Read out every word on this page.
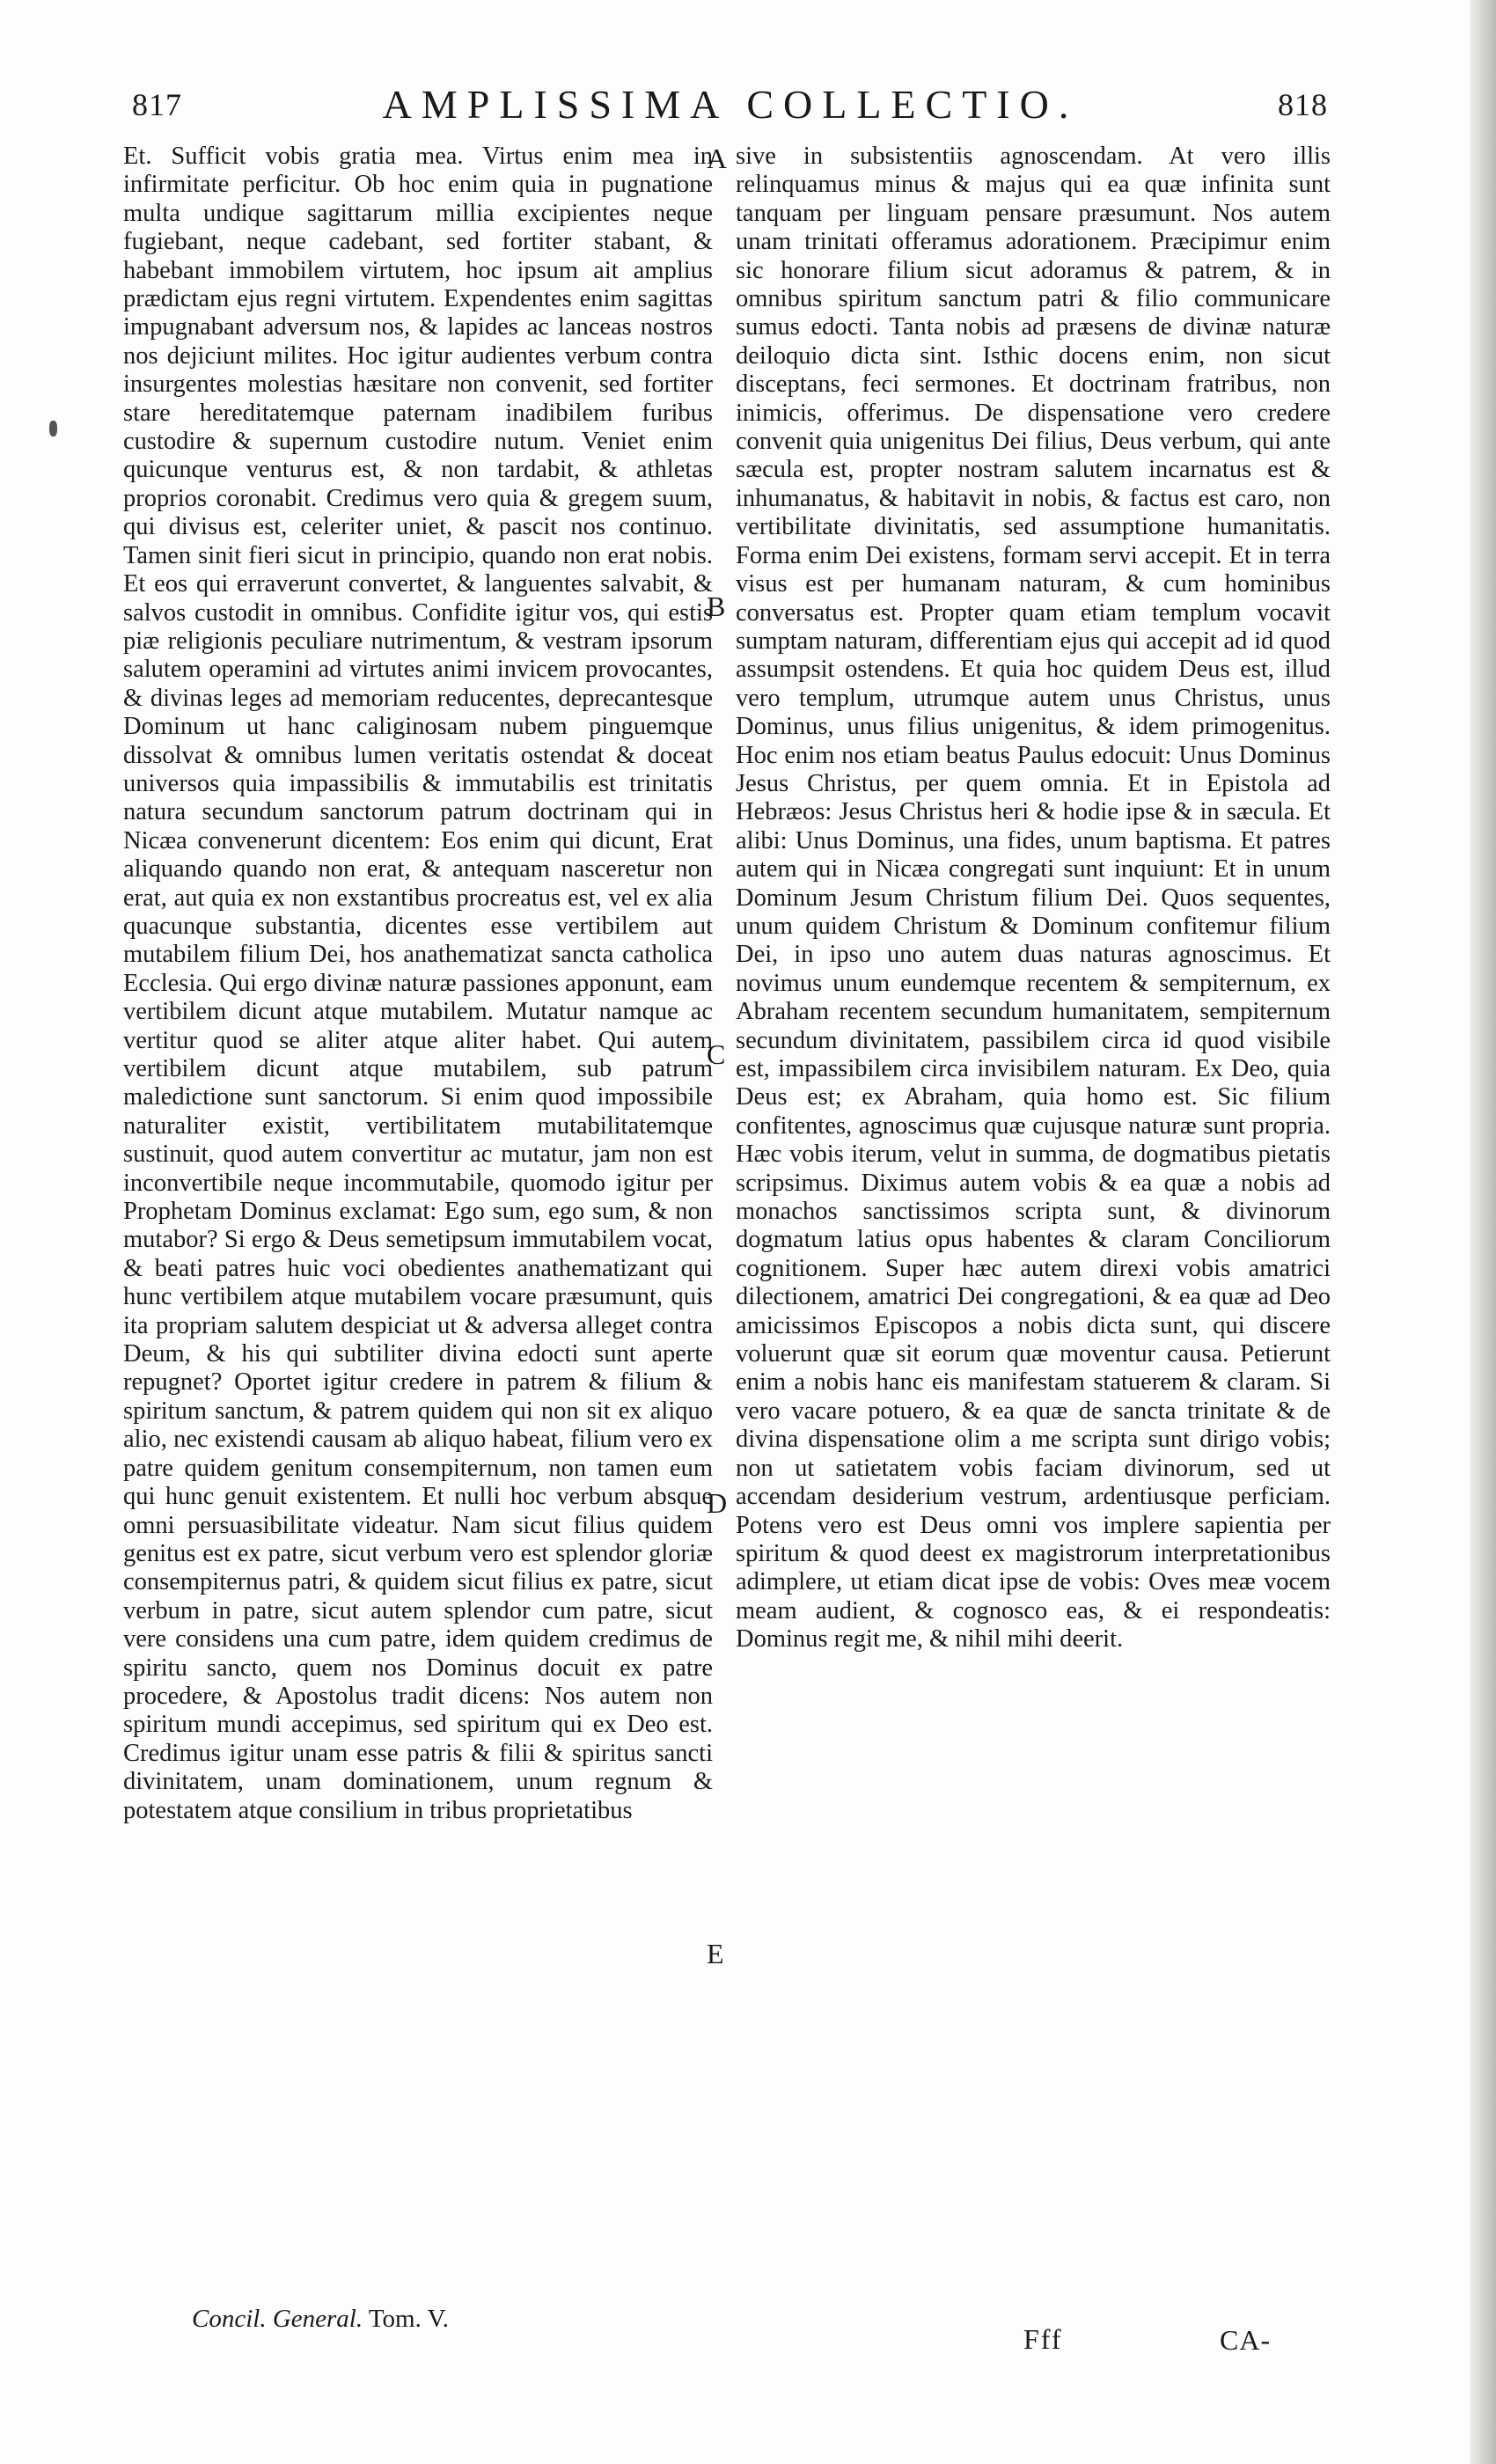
817	AMPLISSIMA COLLECTIO.	818

Et. Sufficit vobis gratia mea. Virtus enim mea in infirmitate perficitur. Ob hoc enim quia in pugnatione multa undique sagittarum millia excipientes neque fugiebant, neque cadebant, sed fortiter stabant, & habebant immobilem virtutem, hoc ipsum ait amplius prædictam ejus regni virtutem. Expendentes enim sagittas impugnabant adversum nos, & lapides ac lanceas nostros nos dejiciunt milites. Hoc igitur audientes verbum contra insurgentes molestias hæsitare non convenit, sed fortiter stare hereditatemque paternam inadibilem furibus custodire & supernum custodire nutum. Veniet enim quicunque venturus est, & non tardabit, & athletas proprios coronabit. Credimus vero quia & gregem suum, qui divisus est, celeriter uniet, & pascit nos continuo. Tamen sinit fieri sicut in principio, quando non erat nobis. Et eos qui erraverunt convertet, & languentes salvabit, & salvos custodit in omnibus. Confidite igitur vos, qui estis piæ religionis peculiare nutrimentum, & vestram ipsorum salutem operamini ad virtutes animi invicem provocantes, & divinas leges ad memoriam reducentes, deprecantesque Dominum ut hanc caliginosam nubem pinguemque dissolvat & omnibus lumen veritatis ostendat & doceat universos quia impassibilis & immutabilis est trinitatis natura secundum sanctorum patrum doctrinam qui in Nicæa convenerunt dicentem: Eos enim qui dicunt, Erat aliquando quando non erat, & antequam nasceretur non erat, aut quia ex non exstantibus procreatus est, vel ex alia quacunque substantia, dicentes esse vertibilem aut mutabilem filium Dei, hos anathematizat sancta catholica Ecclesia. Qui ergo divinæ naturæ passiones apponunt, eam vertibilem dicunt atque mutabilem. Mutatur namque ac vertitur quod se aliter atque aliter habet. Qui autem vertibilem dicunt atque mutabilem, sub patrum maledictione sunt sanctorum. Si enim quod impossibile naturaliter existit, vertibilitatem mutabilitatemque sustinuit, quod autem convertitur ac mutatur, jam non est inconvertibile neque incommutabile, quomodo igitur per Prophetam Dominus exclamat: Ego sum, ego sum, & non mutabor? Si ergo & Deus semetipsum immutabilem vocat, & beati patres huic voci obedientes anathematizant qui hunc vertibilem atque mutabilem vocare præsumunt, quis ita propriam salutem despiciat ut & adversa alleget contra Deum, & his qui subtiliter divina edocti sunt aperte repugnet? Oportet igitur credere in patrem & filium & spiritum sanctum, & patrem quidem qui non sit ex aliquo alio, nec existendi causam ab aliquo habeat, filium vero ex patre quidem genitum consempiternum, non tamen eum qui hunc genuit existentem. Et nulli hoc verbum absque omni persuasibilitate videatur. Nam sicut filius quidem genitus est ex patre, sicut verbum vero est splendor gloriæ consempiternus patri, & quidem sicut filius ex patre, sicut verbum in patre, sicut autem splendor cum patre, sicut vere considens una cum patre, idem quidem credimus de spiritu sancto, quem nos Dominus docuit ex patre procedere, & Apostolus tradit dicens: Nos autem non spiritum mundi accepimus, sed spiritum qui ex Deo est. Credimus igitur unam esse patris & filii & spiritus sancti divinitatem, unam dominationem, unum regnum & potestatem atque consilium in tribus proprietatibus

A
B
C
D
E

sive in subsistentiis agnoscendam. At vero illis relinquamus minus & majus qui ea quæ infinita sunt tanquam per linguam pensare præsumunt. Nos autem unam trinitati offeramus adorationem. Præcipimur enim sic honorare filium sicut adoramus & patrem, & in omnibus spiritum sanctum patri & filio communicare sumus edocti. Tanta nobis ad præsens de divinæ naturæ deiloquio dicta sint. Isthic docens enim, non sicut disceptans, feci sermones. Et doctrinam fratribus, non inimicis, offerimus. De dispensatione vero credere convenit quia unigenitus Dei filius, Deus verbum, qui ante sæcula est, propter nostram salutem incarnatus est & inhumanatus, & habitavit in nobis, & factus est caro, non vertibilitate divinitatis, sed assumptione humanitatis. Forma enim Dei existens, formam servi accepit. Et in terra visus est per humanam naturam, & cum hominibus conversatus est. Propter quam etiam templum vocavit sumptam naturam, differentiam ejus qui accepit ad id quod assumpsit ostendens. Et quia hoc quidem Deus est, illud vero templum, utrumque autem unus Christus, unus Dominus, unus filius unigenitus, & idem primogenitus. Hoc enim nos etiam beatus Paulus edocuit: Unus Dominus Jesus Christus, per quem omnia. Et in Epistola ad Hebræos: Jesus Christus heri & hodie ipse & in sæcula. Et alibi: Unus Dominus, una fides, unum baptisma. Et patres autem qui in Nicæa congregati sunt inquiunt: Et in unum Dominum Jesum Christum filium Dei. Quos sequentes, unum quidem Christum & Dominum confitemur filium Dei, in ipso uno autem duas naturas agnoscimus. Et novimus unum eundemque recentem & sempiternum, ex Abraham recentem secundum humanitatem, sempiternum secundum divinitatem, passibilem circa id quod visibile est, impassibilem circa invisibilem naturam. Ex Deo, quia Deus est; ex Abraham, quia homo est. Sic filium confitentes, agnoscimus quæ cujusque naturæ sunt propria. Hæc vobis iterum, velut in summa, de dogmatibus pietatis scripsimus. Diximus autem vobis & ea quæ a nobis ad monachos sanctissimos scripta sunt, & divinorum dogmatum latius opus habentes & claram Conciliorum cognitionem. Super hæc autem direxi vobis amatrici dilectionem, amatrici Dei congregationi, & ea quæ ad Deo amicissimos Episcopos a nobis dicta sunt, qui discere voluerunt quæ sit eorum quæ moventur causa. Petierunt enim a nobis hanc eis manifestam statuerem & claram. Si vero vacare potuero, & ea quæ de sancta trinitate & de divina dispensatione olim a me scripta sunt dirigo vobis; non ut satietatem vobis faciam divinorum, sed ut accendam desiderium vestrum, ardentiusque perficiam. Potens vero est Deus omni vos implere sapientia per spiritum & quod deest ex magistrorum interpretationibus adimplere, ut etiam dicat ipse de vobis: Oves meæ vocem meam audient, & cognosco eas, & ei respondeatis: Dominus regit me, & nihil mihi deerit.

Concil. General. Tom. V.
Fff	CA-
